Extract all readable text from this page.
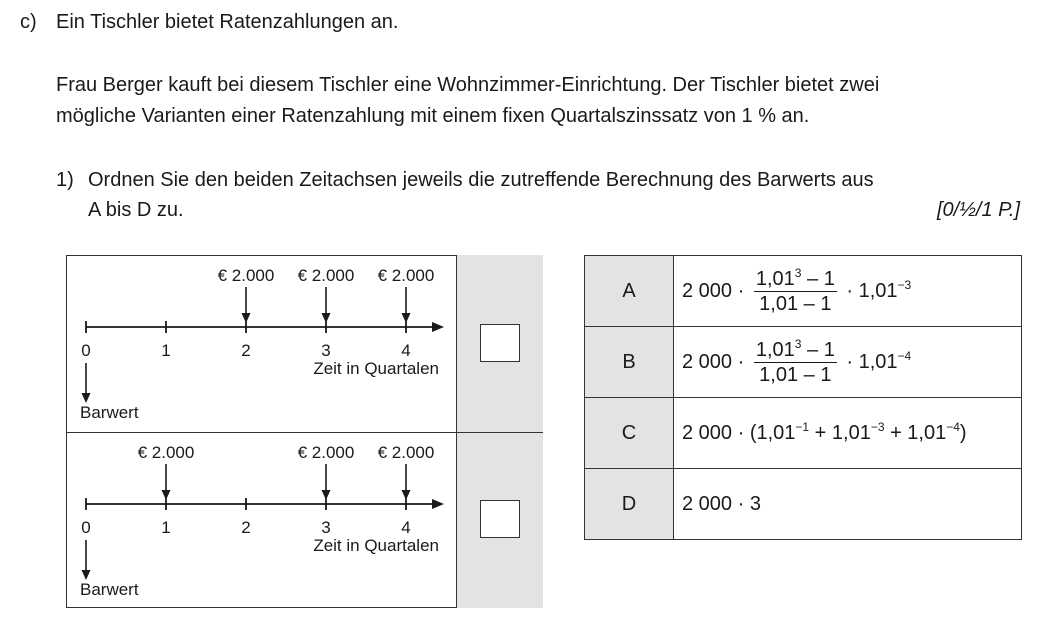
c) Ein Tischler bietet Ratenzahlungen an.
Frau Berger kauft bei diesem Tischler eine Wohnzimmer-Einrichtung. Der Tischler bietet zwei
mögliche Varianten einer Ratenzahlung mit einem fixen Quartalszinssatz von 1 % an.
1) Ordnen Sie den beiden Zeitachsen jeweils die zutreffende Berechnung des Barwerts aus
A bis D zu.	[0/½/1 P.]
0	1	2	3	4
Zeit in Quartalen
€ 2.000 € 2.000 € 2.000
Barwert
0	1	2	3	4
Zeit in Quartalen
€ 2.000	€ 2.000 € 2.000
Barwert
A	2 $000 \cdot \frac{1,01^3 - 1}{1,01 - 1} \cdot 1,01^{-3}$
B	2 $000 \cdot \frac{1,01^3 - 1}{1,01 - 1} \cdot 1,01^{-4}$
C	2 $000 \cdot (1,01^{-1} + 1,01^{-3} + 1,01^{-4})$
D	2 000 · 3
